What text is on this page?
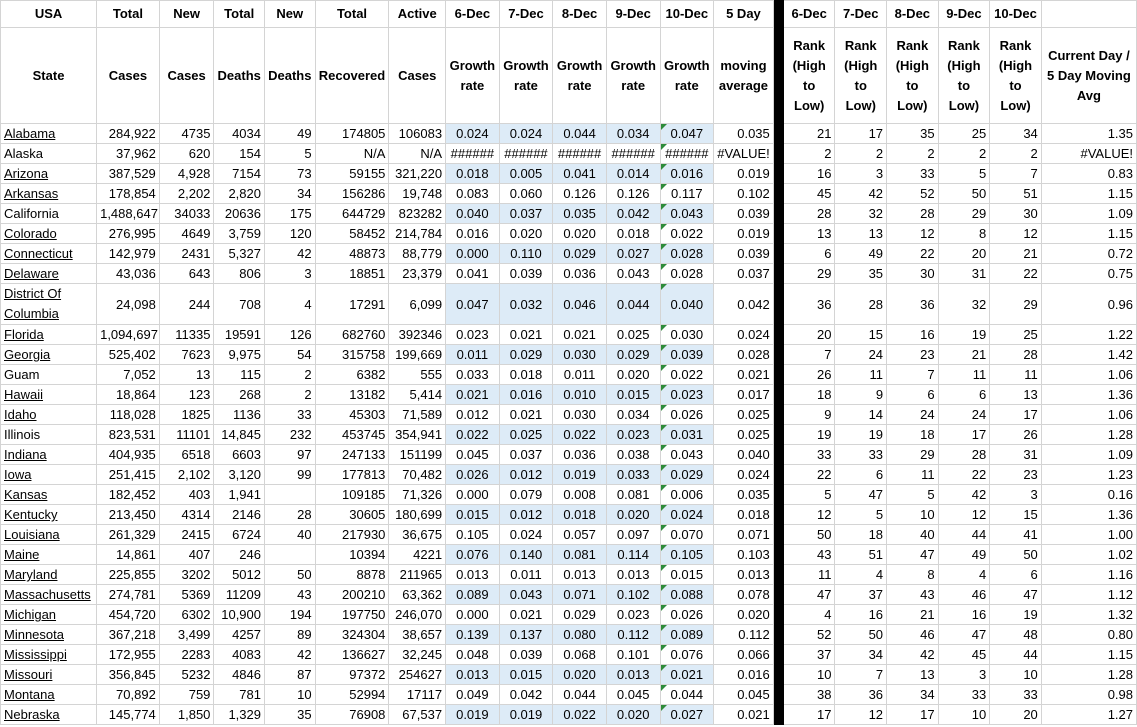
USA	Total	New	Total	New	Total	Active	6-Dec	7-Dec	8-Dec	9-Dec	10-Dec	5 Day		6-Dec	7-Dec	8-Dec	9-Dec	10-Dec	
State	Cases	Cases	Deaths	Deaths	Recovered	Cases	Growth rate	Growth rate	Growth rate	Growth rate	Growth rate	moving average		Rank (High to Low)	Rank (High to Low)	Rank (High to Low)	Rank (High to Low)	Rank (High to Low)	Current Day / 5 Day Moving Avg
Alabama	284,922	4735	4034	49	174805	106083	0.024	0.024	0.044	0.034	0.047	0.035		21	17	35	25	34	1.35
Alaska	37,962	620	154	5	N/A	N/A	######	######	######	######	######	#VALUE!		2	2	2	2	2	#VALUE!
Arizona	387,529	4,928	7154	73	59155	321,220	0.018	0.005	0.041	0.014	0.016	0.019		16	3	33	5	7	0.83
Arkansas	178,854	2,202	2,820	34	156286	19,748	0.083	0.060	0.126	0.126	0.117	0.102		45	42	52	50	51	1.15
California	1,488,647	34033	20636	175	644729	823282	0.040	0.037	0.035	0.042	0.043	0.039		28	32	28	29	30	1.09
Colorado	276,995	4649	3,759	120	58452	214,784	0.016	0.020	0.020	0.018	0.022	0.019		13	13	12	8	12	1.15
Connecticut	142,979	2431	5,327	42	48873	88,779	0.000	0.110	0.029	0.027	0.028	0.039		6	49	22	20	21	0.72
Delaware	43,036	643	806	3	18851	23,379	0.041	0.039	0.036	0.043	0.028	0.037		29	35	30	31	22	0.75
District Of Columbia	24,098	244	708	4	17291	6,099	0.047	0.032	0.046	0.044	0.040	0.042		36	28	36	32	29	0.96
Florida	1,094,697	11335	19591	126	682760	392346	0.023	0.021	0.021	0.025	0.030	0.024		20	15	16	19	25	1.22
Georgia	525,402	7623	9,975	54	315758	199,669	0.011	0.029	0.030	0.029	0.039	0.028		7	24	23	21	28	1.42
Guam	7,052	13	115	2	6382	555	0.033	0.018	0.011	0.020	0.022	0.021		26	11	7	11	11	1.06
Hawaii	18,864	123	268	2	13182	5,414	0.021	0.016	0.010	0.015	0.023	0.017		18	9	6	6	13	1.36
Idaho	118,028	1825	1136	33	45303	71,589	0.012	0.021	0.030	0.034	0.026	0.025		9	14	24	24	17	1.06
Illinois	823,531	11101	14,845	232	453745	354,941	0.022	0.025	0.022	0.023	0.031	0.025		19	19	18	17	26	1.28
Indiana	404,935	6518	6603	97	247133	151199	0.045	0.037	0.036	0.038	0.043	0.040		33	33	29	28	31	1.09
Iowa	251,415	2,102	3,120	99	177813	70,482	0.026	0.012	0.019	0.033	0.029	0.024		22	6	11	22	23	1.23
Kansas	182,452	403	1,941		109185	71,326	0.000	0.079	0.008	0.081	0.006	0.035		5	47	5	42	3	0.16
Kentucky	213,450	4314	2146	28	30605	180,699	0.015	0.012	0.018	0.020	0.024	0.018		12	5	10	12	15	1.36
Louisiana	261,329	2415	6724	40	217930	36,675	0.105	0.024	0.057	0.097	0.070	0.071		50	18	40	44	41	1.00
Maine	14,861	407	246		10394	4221	0.076	0.140	0.081	0.114	0.105	0.103		43	51	47	49	50	1.02
Maryland	225,855	3202	5012	50	8878	211965	0.013	0.011	0.013	0.013	0.015	0.013		11	4	8	4	6	1.16
Massachusetts	274,781	5369	11209	43	200210	63,362	0.089	0.043	0.071	0.102	0.088	0.078		47	37	43	46	47	1.12
Michigan	454,720	6302	10,900	194	197750	246,070	0.000	0.021	0.029	0.023	0.026	0.020		4	16	21	16	19	1.32
Minnesota	367,218	3,499	4257	89	324304	38,657	0.139	0.137	0.080	0.112	0.089	0.112		52	50	46	47	48	0.80
Mississippi	172,955	2283	4083	42	136627	32,245	0.048	0.039	0.068	0.101	0.076	0.066		37	34	42	45	44	1.15
Missouri	356,845	5232	4846	87	97372	254627	0.013	0.015	0.020	0.013	0.021	0.016		10	7	13	3	10	1.28
Montana	70,892	759	781	10	52994	17117	0.049	0.042	0.044	0.045	0.044	0.045		38	36	34	33	33	0.98
Nebraska	145,774	1,850	1,329	35	76908	67,537	0.019	0.019	0.022	0.020	0.027	0.021		17	12	17	10	20	1.27
